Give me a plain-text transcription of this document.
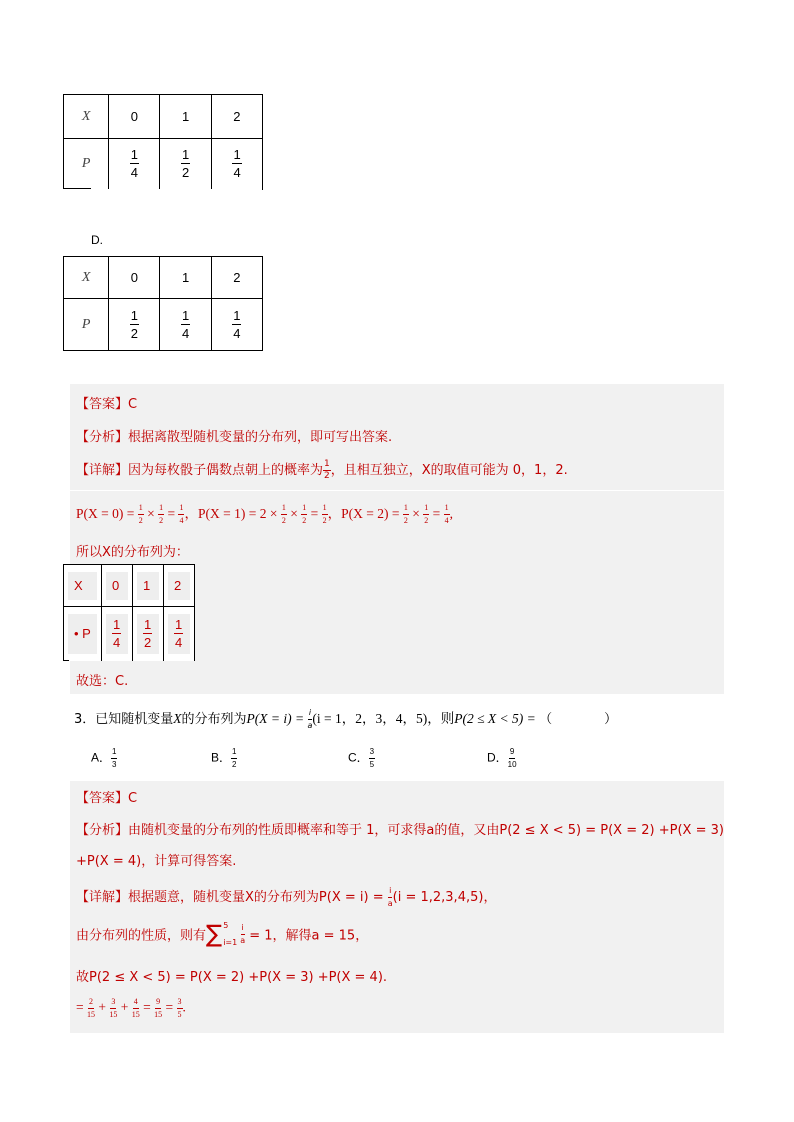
X	0	1	2
P	$\frac{1}{4}$	$\frac{1}{2}$	$\frac{1}{4}$
D.
X	0	1	2
P	$\frac{1}{2}$	$\frac{1}{4}$	$\frac{1}{4}$
【答案】C
【分析】根据离散型随机变量的分布列，即可写出答案.
【详解】因为每枚骰子偶数点朝上的概率为 $\frac{1}{2}$ ，且相互独立，X的取值可能为 0，1，2.
$P(X = 0) = \frac{1}{2} \times \frac{1}{2} = \frac{1}{4}$ ，$P(X = 1) = 2 \times \frac{1}{2} \times \frac{1}{2} = \frac{1}{2}$ ，$P(X = 2) = \frac{1}{2} \times \frac{1}{2} = \frac{1}{4}$ ,
所以X的分布列为：
X	0	1	2

• P	$\frac{1}{4}$	$\frac{1}{2}$	$\frac{1}{4}$
故选：C.
3．已知随机变量X的分布列为$P(X = i) = \frac{i}{a} (i = 1$，2，3，4，5)，则P(2 ≤ X < 5) = （　　　　）
A． $\frac{1}{3}$	B． $\frac{1}{2}$	C． $\frac{3}{5}$	D． $\frac{9}{10}$
【答案】C
【分析】由随机变量的分布列的性质即概率和等于 1，可求得a的值，又由P(2 ≤ X < 5) = P(X = 2) +P(X = 3)
+P(X = 4)，计算可得答案.
【详解】根据题意，随机变量X的分布列为$P(X = i) = \frac{i}{a} (i = 1,2,3,4,5)$，
由分布列的性质，则有 ∑ 5
$i=1 \frac{i}{a} = 1$，解得a = 15，
故P(2 ≤ X < 5) = P(X = 2) +P(X = 3) +P(X = 4).
= $\frac{2}{15} + \frac{3}{15} + \frac{4}{15} = \frac{9}{15} = \frac{3}{5}$ .
